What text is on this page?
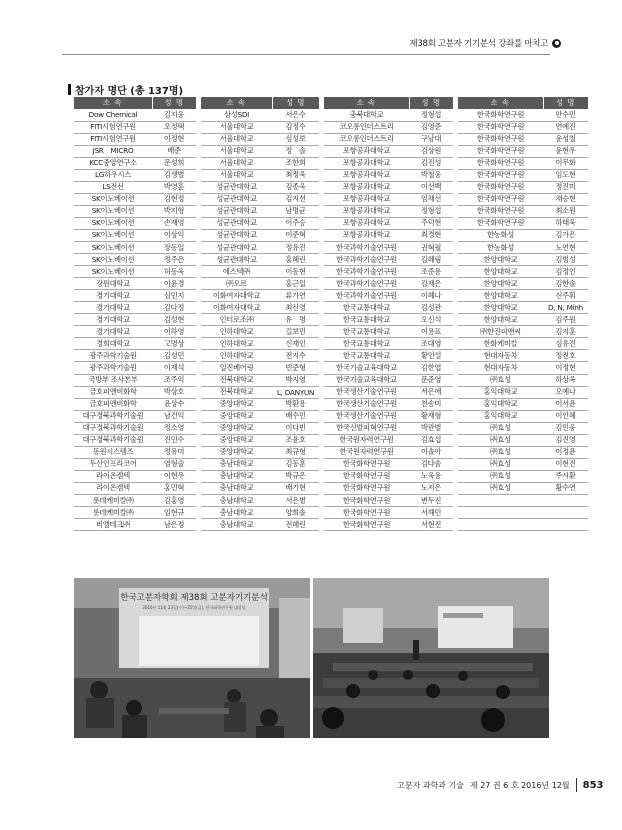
제38회 고분자 기기분석 강좌를 마치고
참가자 명단 (총 137명)
소 속	성 명
Dow Chemical	김지웅
FITI시험연구원	오정택
FITI시험연구원	이정현
JSR　MICRO	배준
KCC중앙연구소	문성희
LG하우시스	김생별
LS전선	박영훈
SK이노베이션	김현정
SK이노베이션	박지형
SK이노베이션	손재영
SK이노베이션	이상익
SK이노베이션	장동일
SK이노베이션	정주은
SK이노베이션	허동욱
강원대학교	이윤경
경기대학교	심민지
경기대학교	김다정
경기대학교	김성현
경기대학교	이하영
경희대학교	고명상
광주과학기술원	김성민
광주과학기술원	이재석
국방부 조사본부	조주익
금호피앤비화학	박상호
금호피앤비화학	윤상수
대구경북과학기술원	남건익
대구경북과학기술원	정소영
대구경북과학기술원	진민수
동원시스템즈	정유미
두산인프라코어	염형술
라이온켐텍	이현우
라이온켐텍	홍민혁
롯데케미칼㈜	김홍영
롯데케미칼㈜	임현규
비엘테크㈜	남은정
소 속	성 명
삼성SDI	서은수
서울대학교	김정수
서울대학교	심성보
서울대학교	정　솔
서울대학교	조한희
서울대학교	최정욱
성균관대학교	김종욱
성균관대학교	김지선
성균관대학교	남명균
성균관대학교	이주승
성균관대학교	이준혁
성균관대학교	정유진
성균관대학교	홍혜린
에스텍㈜	이동현
㈜오르	홍근일
이화여자대학교	류가연
이화여자대학교	최신영
인터로조㈜	유　명
인하대학교	길보민
인하대학교	신재인
인하대학교	전지수
일진베어링	빈준형
전북대학교	박지영
전북대학교	L, DANYUN
중앙대학교	박환용
중앙대학교	배수민
중앙대학교	이다빈
중앙대학교	조윤호
중앙대학교	최규형
충남대학교	김동훈
충남대학교	박규은
충남대학교	배기현
충남대학교	서은별
충남대학교	양희솔
충남대학교	전혜린
소 속	성 명
충북대학교	정형섭
코오롱인더스트리	김영준
코오롱인더스트리	구남대
포항공과대학교	김상원
포항공과대학교	김진성
포항공과대학교	박철웅
포항공과대학교	이선백
포항공과대학교	임채선
포항공과대학교	정형섭
포항공과대학교	주덕현
포항공과대학교	최경현
한국과학기술연구원	권혁필
한국과학기술연구원	김혜림
한국과학기술연구원	조준용
한국과학기술연구원	김재은
한국과학기술연구원	이혜나
한국교통대학교	김성관
한국교통대학교	오신석
한국교통대학교	이용표
한국교통대학교	조대영
한국교통대학교	황인설
한국기술교육대학교	김한엽
한국기술교육대학교	문준영
한국생산기술연구원	서은애
한국생산기술연구원	천송미
한국생산기술연구원	황재형
한국신발피혁연구원	박관별
한국원자력연구원	김효섭
한국원자력연구원	이솔아
한국화학연구원	김다솜
한국화학연구원	노욱용
한국화학연구원	노지은
한국화학연구원	변두진
한국화학연구원	서해민
한국화학연구원	서현진
소 속	성 명
한국화학연구원	안수민
한국화학연구원	연예진
한국화학연구원	윤성철
한국화학연구원	윤현우
한국화학연구원	이무화
한국화학연구원	임도현
한국화학연구원	정진미
한국화학연구원	채승현
한국화학연구원	최소원
한국화학연구원	하태욱
한농화성	김가은
한농화성	노연현
한양대학교	김범성
한양대학교	김정인
한양대학교	김한솔
한양대학교	신주휘
한양대학교	D, N, Minh
한양대학교	김주원
㈜한진피앤씨	김지훈
한화케미칼	심유진
현대자동차	정진호
현대자동차	이정현
㈜효성	하상옥
홍익대학교	오예나
홍익대학교	이서윤
홍익대학교	이인혜
㈜효성	김민웅
㈜효성	김진영
㈜효성	이정윤
㈜효성	이현진
㈜효성	주시환
㈜효성	황수연

한국고분자학회 제38회 고분자기기분석
2016년 11월 23일(수)~25일(금), 한국화학연구원 대강당
고분자 과학과 기술 제 27 권 6 호 2016년 12월 853
